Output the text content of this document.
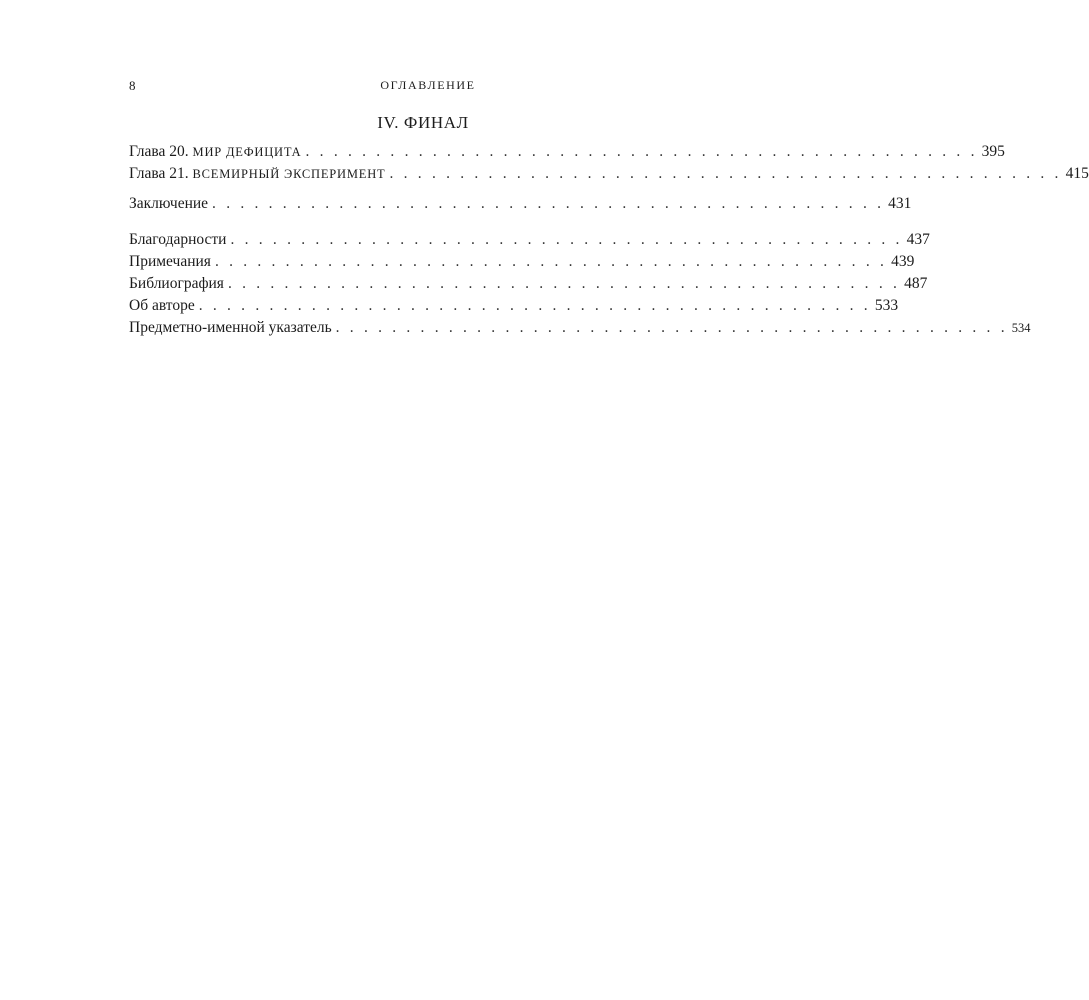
8	ОГЛАВЛЕНИЕ
IV. ФИНАЛ
Глава 20. МИР ДЕФИЦИТА . . . . . . . . . . . . . . . . . . . . . . . . . . . . . . . . . . . . . . . . . . . . . . . . 395
Глава 21. ВСЕМИРНЫЙ ЭКСПЕРИМЕНТ . . . . . . . . . . . . . . . . . . . . . . . . . . . . . . . . . . . . . . . . . . . . . . . . 415
Заключение . . . . . . . . . . . . . . . . . . . . . . . . . . . . . . . . . . . . . . . . . . . . . . . . 431
Благодарности . . . . . . . . . . . . . . . . . . . . . . . . . . . . . . . . . . . . . . . . . . . . . . . . 437
Примечания . . . . . . . . . . . . . . . . . . . . . . . . . . . . . . . . . . . . . . . . . . . . . . . . 439
Библиография . . . . . . . . . . . . . . . . . . . . . . . . . . . . . . . . . . . . . . . . . . . . . . . . 487
Об авторе . . . . . . . . . . . . . . . . . . . . . . . . . . . . . . . . . . . . . . . . . . . . . . . . 533
Предметно-именной указатель . . . . . . . . . . . . . . . . . . . . . . . . . . . . . . . . . . . . . . . . . . . . . . . . 534
